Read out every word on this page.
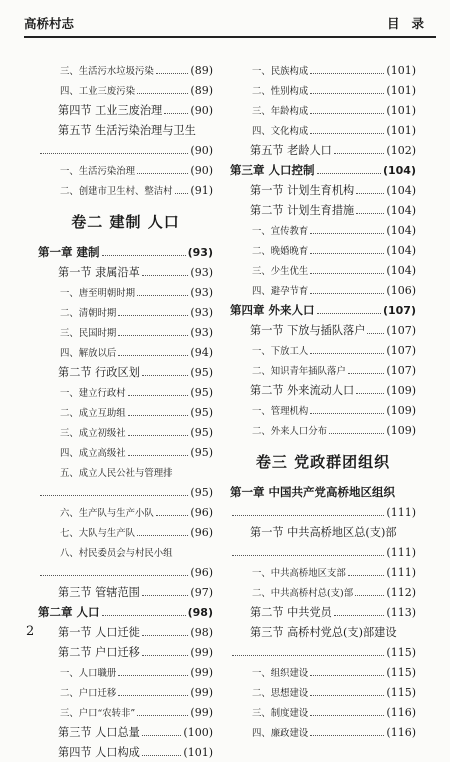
高桥村志	目录
三、生活污水垃圾污染	(89)
四、工业三废污染	(89)
第四节 工业三废治理	(90)
第五节 生活污染治理与卫生
(90)
一、生活污染治理	(90)
二、创建市卫生村、整洁村 (91)
卷二 建制 人口
第一章 建制	(93)
第一节 隶属沿革	(93)
一、唐至明朝时期	(93)
二、清朝时期	(93)
三、民国时期	(93)
四、解放以后	(94)
第二节 行政区划	(95)
一、建立行政村	(95)
二、成立互助组	(95)
三、成立初级社	(95)
四、成立高级社	(95)
五、成立人民公社与管理排
(95)
六、生产队与生产小队	(96)
七、大队与生产队	(96)
八、村民委员会与村民小组
(96)
第三节 管辖范围	(97)
第二章 人口	(98)
第一节 人口迁徙	(98)
第二节 户口迁移	(99)
一、人口職册	(99)
二、户口迁移	(99)
三、户口“农转非”	(99)
第三节 人口总量	(100)
第四节 人口构成	(101)
一、民族构成	(101)
二、性别构成	(101)
三、年龄构成	(101)
四、文化构成	(101)
第五节 老龄人口	(102)
第三章 人口控制	(104)
第一节 计划生育机构	(104)
第二节 计划生育措施	(104)
一、宣传教育	(104)
二、晚婚晚育	(104)
三、少生优生	(104)
四、避孕节育	(106)
第四章 外来人口	(107)
第一节 下放与插队落户 (107)
一、下放工人	(107)
二、知识青年插队落户	(107)
第二节 外来流动人口	(109)
一、管理机构	(109)
二、外来人口分布	(109)
卷三 党政群团组织
第一章 中国共产党高桥地区组织
(111)
第一节 中共高桥地区总(支)部
(111)
一、中共高桥地区支部	(111)
二、中共高桥村总(支)部	(112)
第二节 中共党员	(113)
第三节 高桥村党总(支)部建设
(115)
一、组织建设	(115)
二、思想建设	(115)
三、制度建设	(116)
四、廉政建设	(116)
2
